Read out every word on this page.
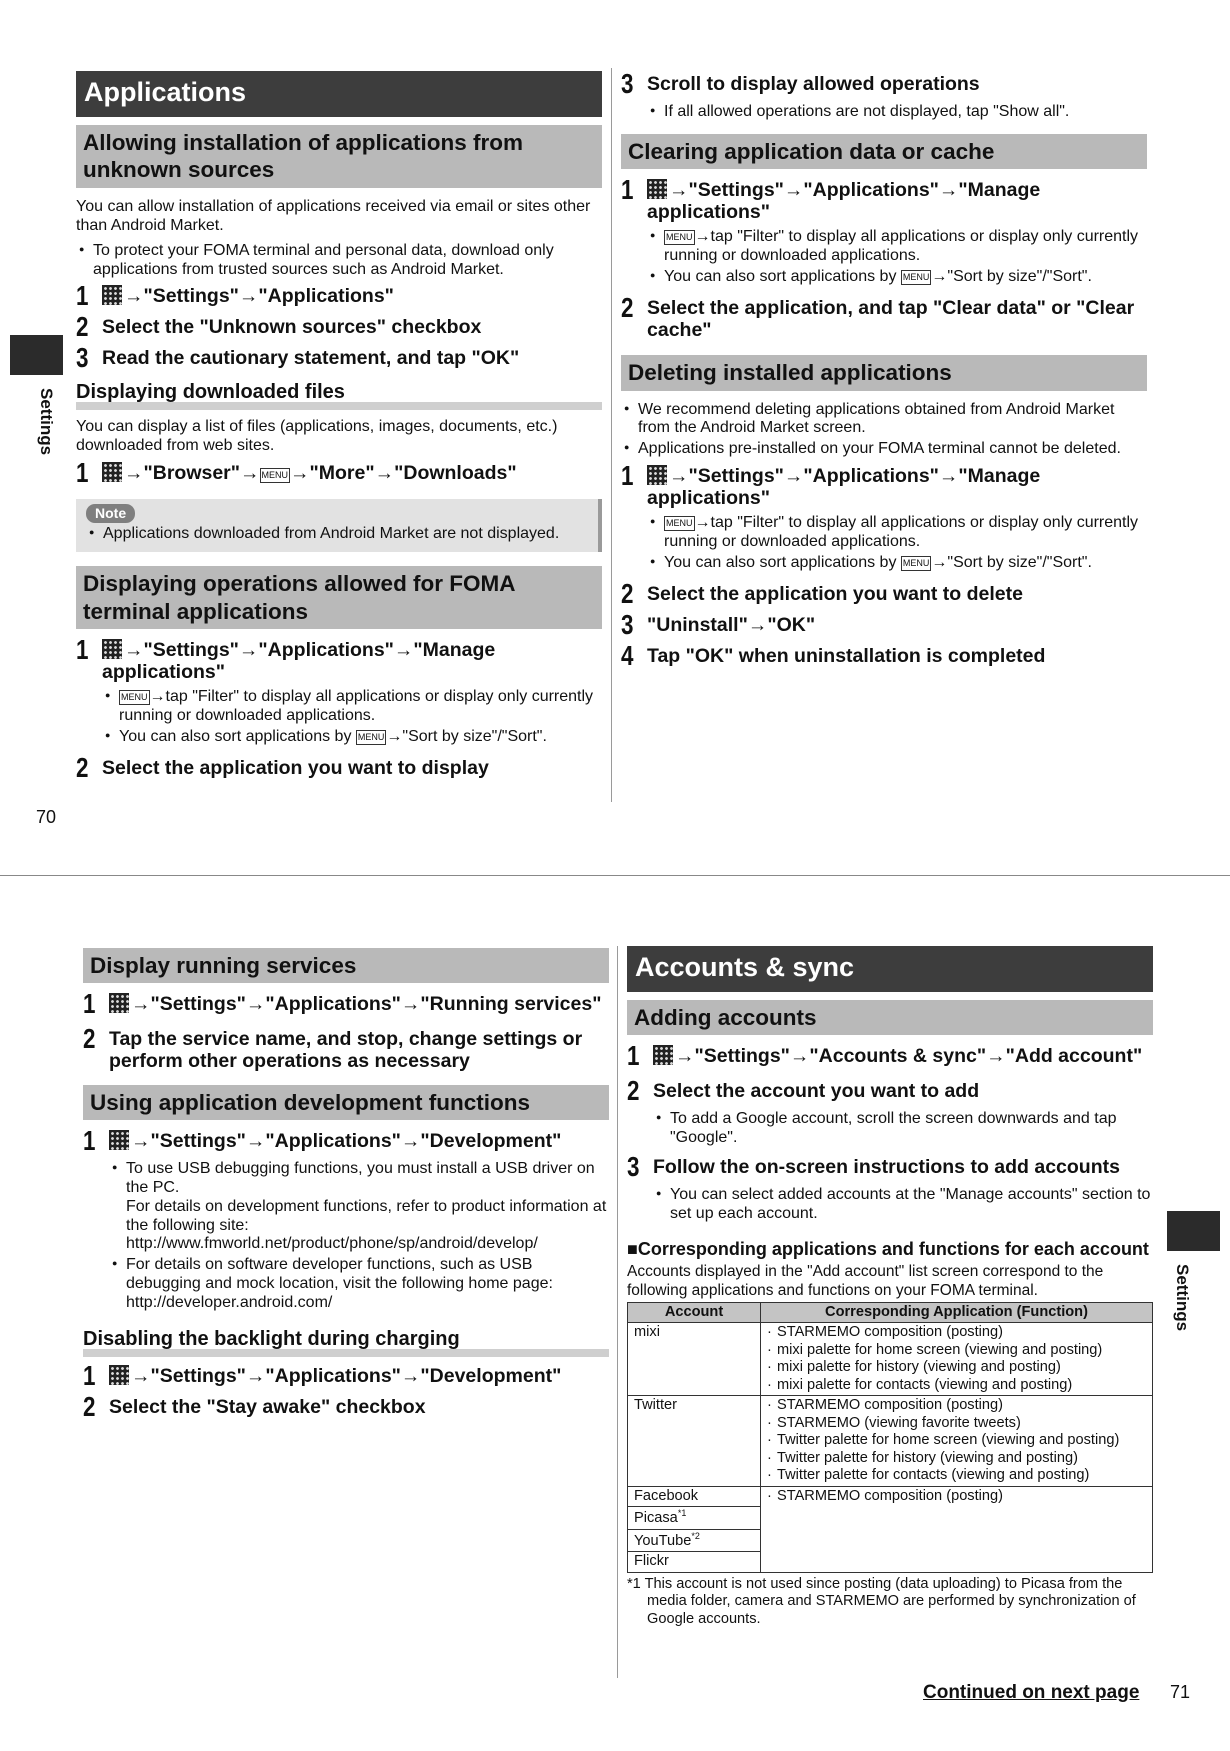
Applications
Allowing installation of applications from unknown sources
You can allow installation of applications received via email or sites other than Android Market.
● To protect your FOMA terminal and personal data, download only applications from trusted sources such as Android Market.
1	→"Settings"→"Applications"
2 Select the "Unknown sources" checkbox
3 Read the cautionary statement, and tap "OK"
Displaying downloaded files
You can display a list of files (applications, images, documents, etc.) downloaded from web sites.
1	→"Browser"→ MENU →"More"→"Downloads"
Note
● Applications downloaded from Android Market are not displayed.
Displaying operations allowed for FOMA terminal applications
1	→"Settings"→"Applications"→"Manage applications"
● MENU →tap "Filter" to display all applications or display only currently running or downloaded applications.
● You can also sort applications by MENU →"Sort by size"/"Sort".
2 Select the application you want to display
3 Scroll to display allowed operations
● If all allowed operations are not displayed, tap "Show all".
Clearing application data or cache
1	→"Settings"→"Applications"→"Manage applications"
● MENU →tap "Filter" to display all applications or display only currently running or downloaded applications.
● You can also sort applications by MENU →"Sort by size"/"Sort".
2 Select the application, and tap "Clear data" or "Clear cache"
Deleting installed applications
● We recommend deleting applications obtained from Android Market from the Android Market screen.
● Applications pre-installed on your FOMA terminal cannot be deleted.
1	→"Settings"→"Applications"→"Manage applications"
● MENU →tap "Filter" to display all applications or display only currently running or downloaded applications.
● You can also sort applications by MENU →"Sort by size"/"Sort".
2 Select the application you want to delete
3 "Uninstall"→"OK"
4 Tap "OK" when uninstallation is completed
Settings
70
Display running services
1	→"Settings"→"Applications"→"Running services"
2 Tap the service name, and stop, change settings or perform other operations as necessary
Using application development functions
1	→"Settings"→"Applications"→"Development"
● To use USB debugging functions, you must install a USB driver on the PC.
For details on development functions, refer to product information at the following site:
http://www.fmworld.net/product/phone/sp/android/develop/
● For details on software developer functions, such as USB debugging and mock location, visit the following home page:
http://developer.android.com/
Disabling the backlight during charging
1	→"Settings"→"Applications"→"Development"
2 Select the "Stay awake" checkbox
Accounts & sync
Adding accounts
1	→"Settings"→"Accounts & sync"→"Add account"
2 Select the account you want to add
● To add a Google account, scroll the screen downwards and tap "Google".
3 Follow the on-screen instructions to add accounts
● You can select added accounts at the "Manage accounts" section to set up each account.
■Corresponding applications and functions for each account
Accounts displayed in the "Add account" list screen correspond to the following applications and functions on your FOMA terminal.
Account	Corresponding Application (Function)
mixi	· STARMEMO composition (posting)
· mixi palette for home screen (viewing and posting)
· mixi palette for history (viewing and posting)
· mixi palette for contacts (viewing and posting)

Twitter	· STARMEMO composition (posting)
· STARMEMO (viewing favorite tweets)
· Twitter palette for home screen (viewing and posting)
· Twitter palette for history (viewing and posting)
· Twitter palette for contacts (viewing and posting)

Facebook	· STARMEMO composition (posting)

Picasa$^{*1}$
YouTube$^{*2}$
Flickr	
*1 This account is not used since posting (data uploading) to Picasa from the media folder, camera and STARMEMO are performed by synchronization of Google accounts.
Settings
Continued on next page 71
